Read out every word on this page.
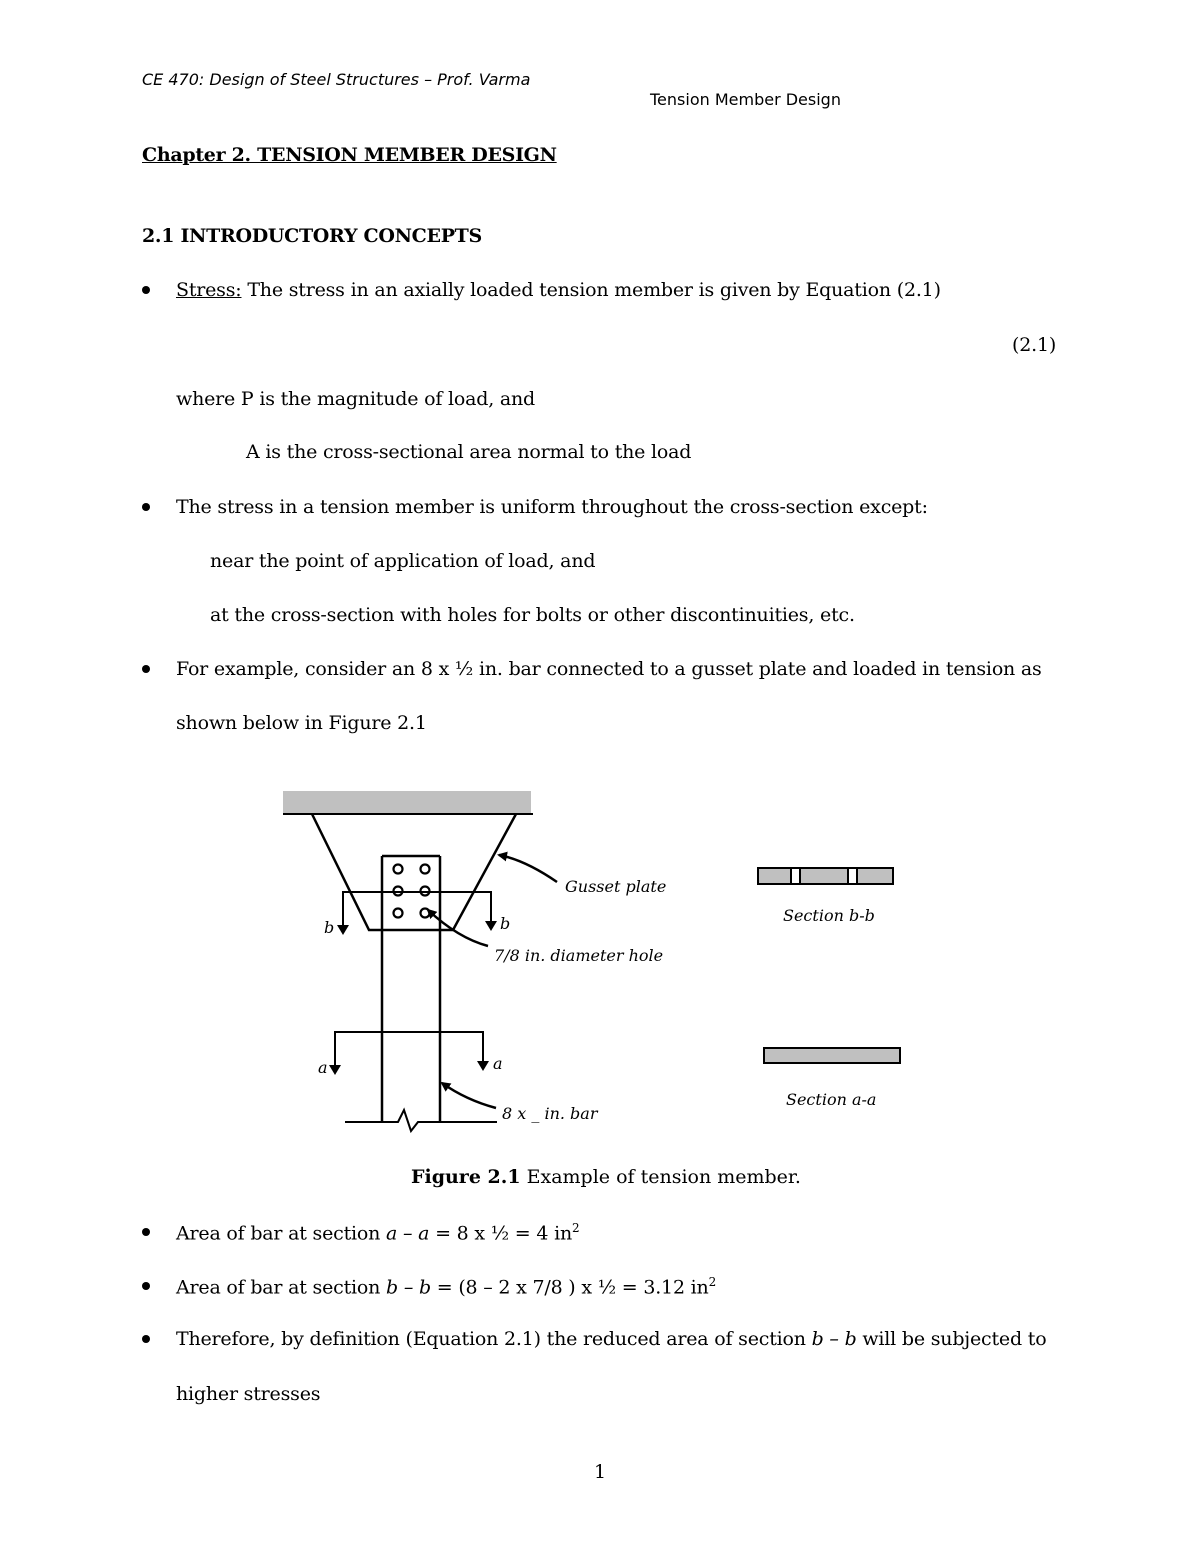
CE 470: Design of Steel Structures – Prof. Varma
Tension Member Design
Chapter 2. TENSION MEMBER DESIGN
2.1 INTRODUCTORY CONCEPTS
Stress: The stress in an axially loaded tension member is given by Equation (2.1)
(2.1)
where P is the magnitude of load, and
A is the cross-sectional area normal to the load
The stress in a tension member is uniform throughout the cross-section except:
near the point of application of load, and
at the cross-section with holes for bolts or other discontinuities, etc.
For example, consider an 8 x ½ in. bar connected to a gusset plate and loaded in tension as
shown below in Figure 2.1
Gusset plate
7/8 in. diameter hole
8 x _ in. bar
Section b-b
Section a-a
b	b
a	a
Figure 2.1 Example of tension member.
Area of bar at section a – a = 8 x ½ = 4 $in^2$
Area of bar at section b – b = (8 – 2 x 7/8 ) x ½ = 3.12 $in^2$
Therefore, by definition (Equation 2.1) the reduced area of section b – b will be subjected to
higher stresses
1
